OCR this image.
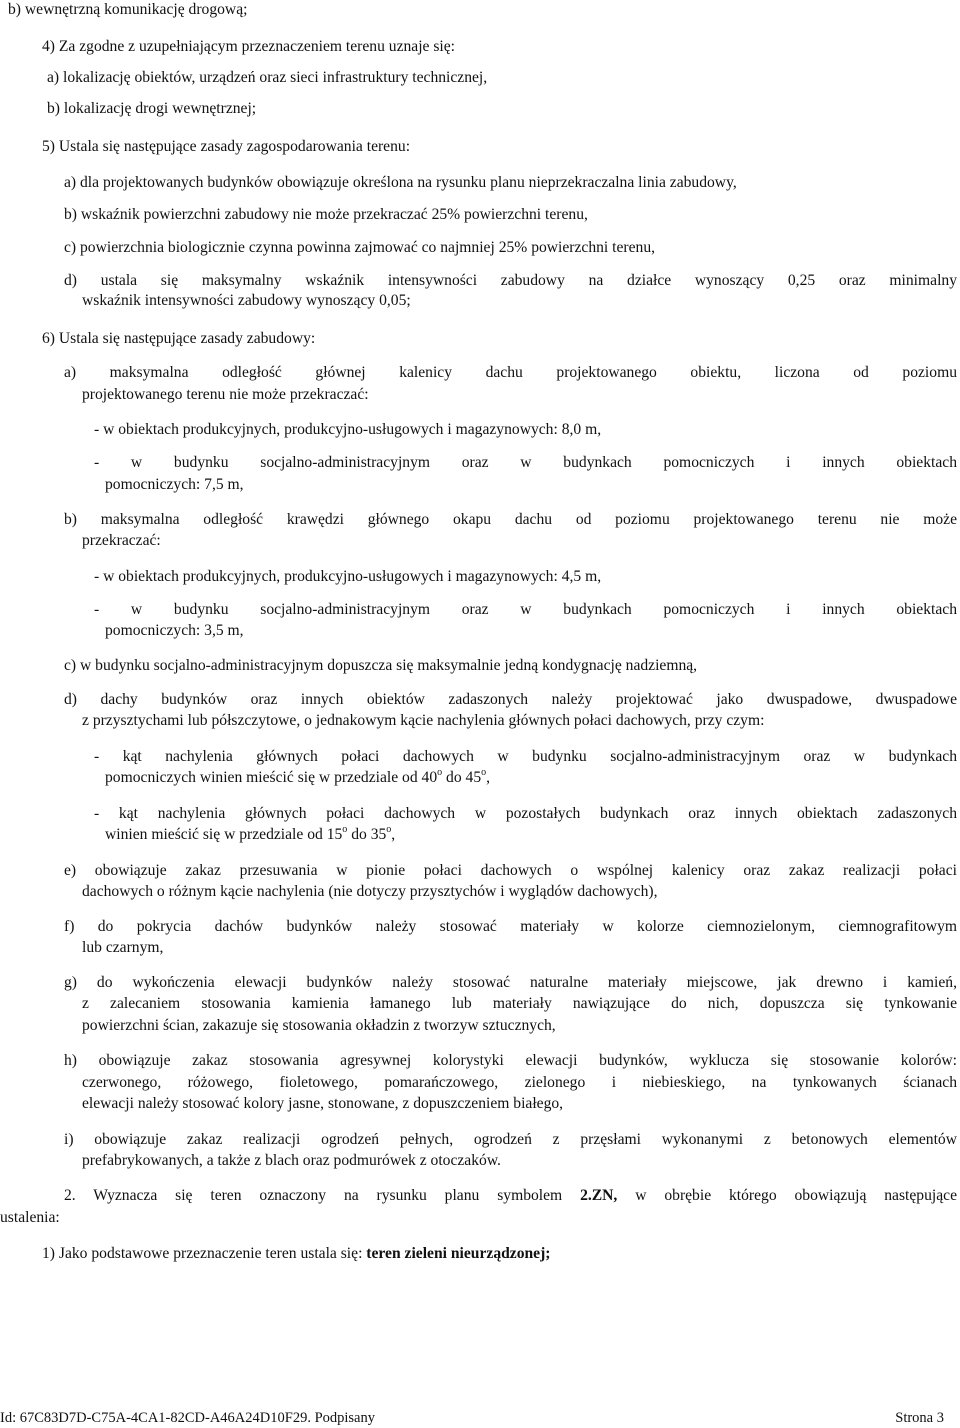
b) wewnętrzną komunikację drogową;
4) Za zgodne z uzupełniającym przeznaczeniem terenu uznaje się:
a) lokalizację obiektów, urządzeń oraz sieci infrastruktury technicznej,
b) lokalizację drogi wewnętrznej;
5) Ustala się następujące zasady zagospodarowania terenu:
a) dla projektowanych budynków obowiązuje określona na rysunku planu nieprzekraczalna linia zabudowy,
b) wskaźnik powierzchni zabudowy nie może przekraczać 25% powierzchni terenu,
c) powierzchnia biologicznie czynna powinna zajmować co najmniej 25% powierzchni terenu,
d) ustala się maksymalny wskaźnik intensywności zabudowy na działce wynoszący 0,25 oraz minimalny
wskaźnik intensywności zabudowy wynoszący 0,05;
6) Ustala się następujące zasady zabudowy:
a) maksymalna odległość głównej kalenicy dachu projektowanego obiektu, liczona od poziomu
projektowanego terenu nie może przekraczać:
- w obiektach produkcyjnych, produkcyjno-usługowych i magazynowych: 8,0 m,
- w budynku socjalno-administracyjnym oraz w budynkach pomocniczych i innych obiektach
pomocniczych: 7,5 m,
b) maksymalna odległość krawędzi głównego okapu dachu od poziomu projektowanego terenu nie może
przekraczać:
- w obiektach produkcyjnych, produkcyjno-usługowych i magazynowych: 4,5 m,
- w budynku socjalno-administracyjnym oraz w budynkach pomocniczych i innych obiektach
pomocniczych: 3,5 m,
c) w budynku socjalno-administracyjnym dopuszcza się maksymalnie jedną kondygnację nadziemną,
d) dachy budynków oraz innych obiektów zadaszonych należy projektować jako dwuspadowe, dwuspadowe
z przysztychami lub półszczytowe, o jednakowym kącie nachylenia głównych połaci dachowych, przy czym:
- kąt nachylenia głównych połaci dachowych w budynku socjalno-administracyjnym oraz w budynkach
pomocniczych winien mieścić się w przedziale od 40$^o$ do 45$^o$,
- kąt nachylenia głównych połaci dachowych w pozostałych budynkach oraz innych obiektach zadaszonych
winien mieścić się w przedziale od 15$^o$ do 35$^o$,
e) obowiązuje zakaz przesuwania w pionie połaci dachowych o wspólnej kalenicy oraz zakaz realizacji połaci
dachowych o różnym kącie nachylenia (nie dotyczy przysztychów i wyglądów dachowych),
f) do pokrycia dachów budynków należy stosować materiały w kolorze ciemnozielonym, ciemnografitowym
lub czarnym,
g) do wykończenia elewacji budynków należy stosować naturalne materiały miejscowe, jak drewno i kamień,
z zalecaniem stosowania kamienia łamanego lub materiały nawiązujące do nich, dopuszcza się tynkowanie
powierzchni ścian, zakazuje się stosowania okładzin z tworzyw sztucznych,
h) obowiązuje zakaz stosowania agresywnej kolorystyki elewacji budynków, wyklucza się stosowanie kolorów:
czerwonego, różowego, fioletowego, pomarańczowego, zielonego i niebieskiego, na tynkowanych ścianach
elewacji należy stosować kolory jasne, stonowane, z dopuszczeniem białego,
i) obowiązuje zakaz realizacji ogrodzeń pełnych, ogrodzeń z przęsłami wykonanymi z betonowych elementów
prefabrykowanych, a także z blach oraz podmurówek z otoczaków.
2. Wyznacza się teren oznaczony na rysunku planu symbolem 2.ZN, w obrębie którego obowiązują następujące
ustalenia:
1) Jako podstawowe przeznaczenie teren ustala się: teren zieleni nieurządzonej;
Id: 67C83D7D-C75A-4CA1-82CD-A46A24D10F29. Podpisany	Strona 3
